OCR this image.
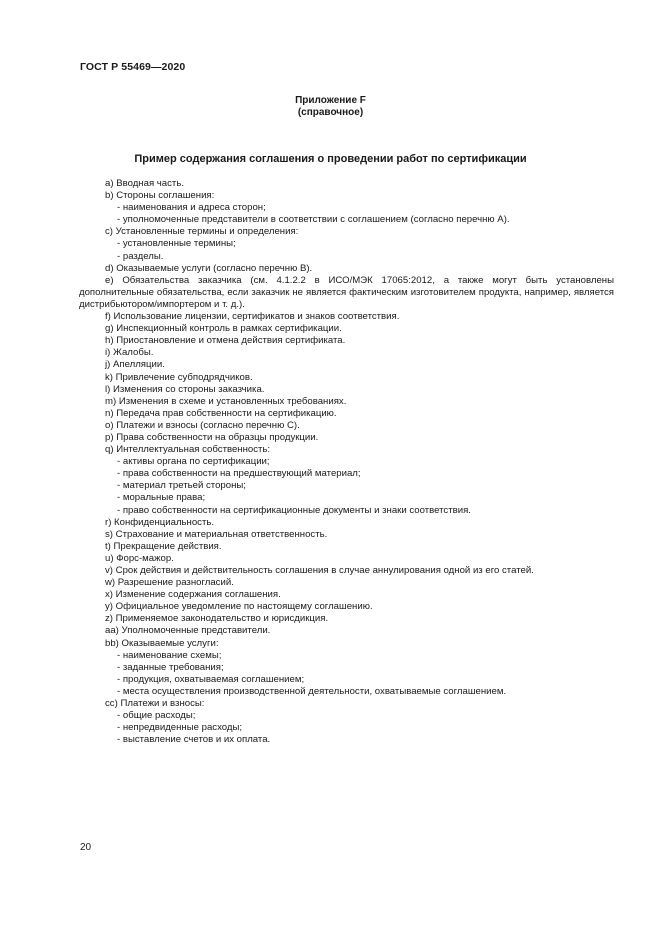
ГОСТ Р 55469—2020
Приложение F
(справочное)
Пример содержания соглашения о проведении работ по сертификации
a) Вводная часть.
b) Стороны соглашения:
- наименования и адреса сторон;
- уполномоченные представители в соответствии с соглашением (согласно перечню А).
c) Установленные термины и определения:
- установленные термины;
- разделы.
d) Оказываемые услуги (согласно перечню В).
e) Обязательства заказчика (см. 4.1.2.2 в ИСО/МЭК 17065:2012, а также могут быть установлены дополнительные обязательства, если заказчик не является фактическим изготовителем продукта, например, является дистрибьютором/импортером и т. д.).
f) Использование лицензии, сертификатов и знаков соответствия.
g) Инспекционный контроль в рамках сертификации.
h) Приостановление и отмена действия сертификата.
i) Жалобы.
j) Апелляции.
k) Привлечение субподрядчиков.
l) Изменения со стороны заказчика.
m) Изменения в схеме и установленных требованиях.
n) Передача прав собственности на сертификацию.
o) Платежи и взносы (согласно перечню С).
p) Права собственности на образцы продукции.
q) Интеллектуальная собственность:
- активы органа по сертификации;
- права собственности на предшествующий материал;
- материал третьей стороны;
- моральные права;
- право собственности на сертификационные документы и знаки соответствия.
r) Конфиденциальность.
s) Страхование и материальная ответственность.
t) Прекращение действия.
u) Форс-мажор.
v) Срок действия и действительность соглашения в случае аннулирования одной из его статей.
w) Разрешение разногласий.
x) Изменение содержания соглашения.
y) Официальное уведомление по настоящему соглашению.
z) Применяемое законодательство и юрисдикция.
aa) Уполномоченные представители.
bb) Оказываемые услуги:
- наименование схемы;
- заданные требования;
- продукция, охватываемая соглашением;
- места осуществления производственной деятельности, охватываемые соглашением.
cc) Платежи и взносы:
- общие расходы;
- непредвиденные расходы;
- выставление счетов и их оплата.
20
